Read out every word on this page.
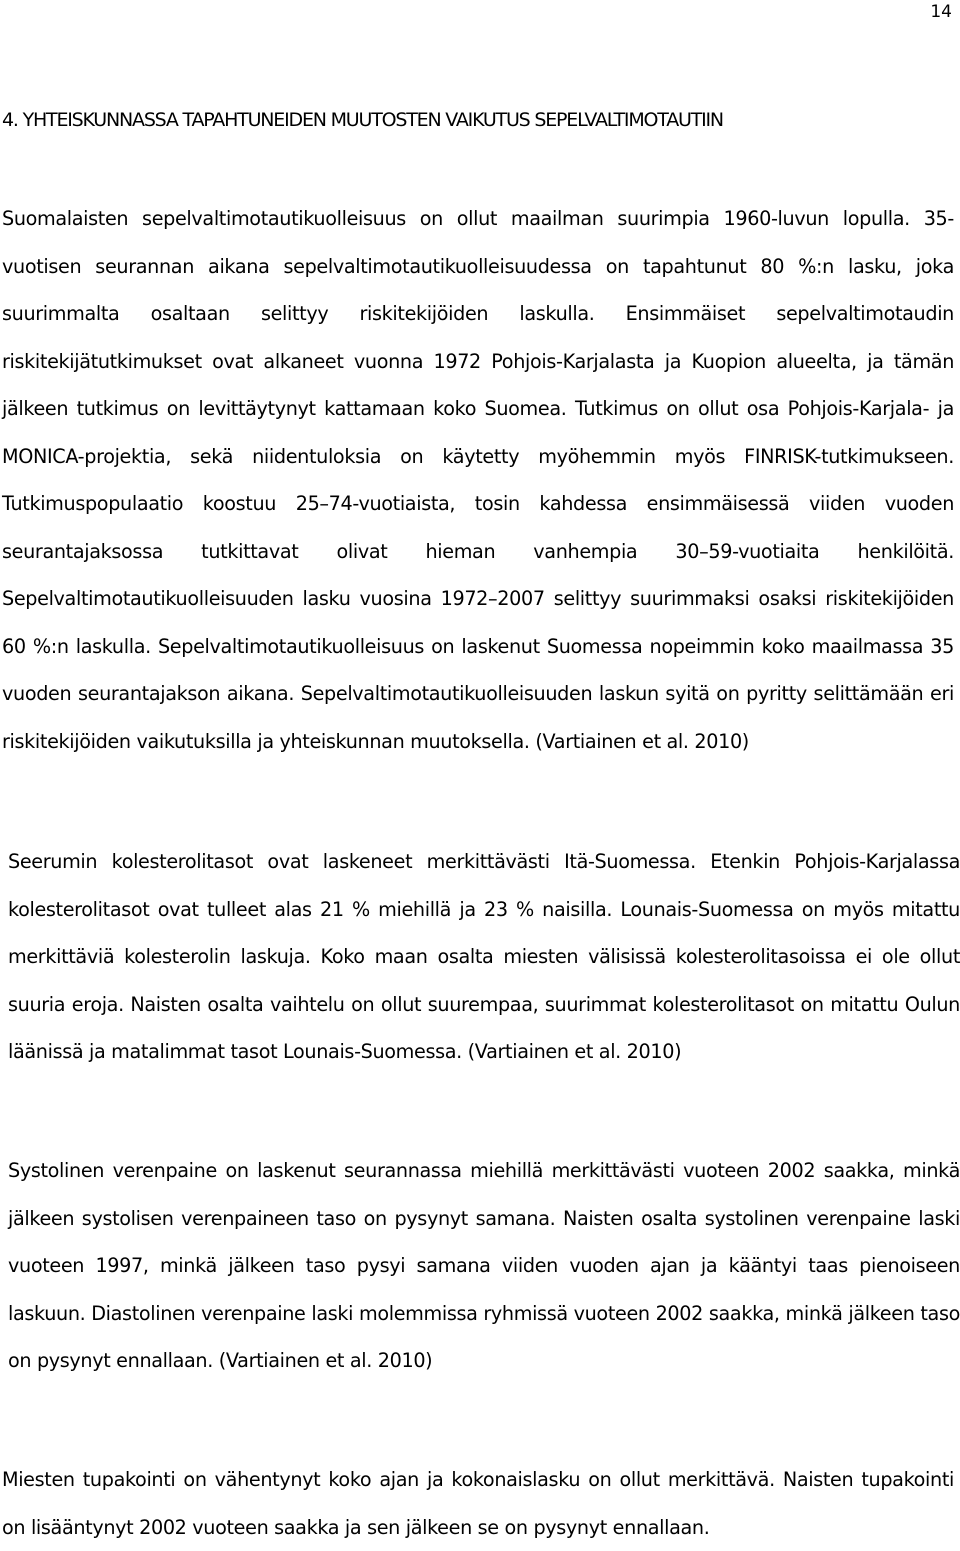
14
4. YHTEISKUNNASSA TAPAHTUNEIDEN MUUTOSTEN VAIKUTUS SEPELVALTIMOTAUTIIN

Suomalaisten sepelvaltimotautikuolleisuus on ollut maailman suurimpia 1960-luvun lopulla. 35-vuotisen seurannan aikana sepelvaltimotautikuolleisuudessa on tapahtunut 80 %:n lasku, joka suurimmalta osaltaan selittyy riskitekijöiden laskulla. Ensimmäiset sepelvaltimotaudin riskitekijätutkimukset ovat alkaneet vuonna 1972 Pohjois-Karjalasta ja Kuopion alueelta, ja tämän jälkeen tutkimus on levittäytynyt kattamaan koko Suomea. Tutkimus on ollut osa Pohjois-Karjala- ja MONICA-projektia, sekä niidentuloksia on käytetty myöhemmin myös FINRISK-tutkimukseen. Tutkimuspopulaatio koostuu 25–74-vuotiaista, tosin kahdessa ensimmäisessä viiden vuoden seurantajaksossa tutkittavat olivat hieman vanhempia 30–59-vuotiaita henkilöitä. Sepelvaltimotautikuolleisuuden lasku vuosina 1972–2007 selittyy suurimmaksi osaksi riskitekijöiden 60 %:n laskulla. Sepelvaltimotautikuolleisuus on laskenut Suomessa nopeimmin koko maailmassa 35 vuoden seurantajakson aikana. Sepelvaltimotautikuolleisuuden laskun syitä on pyritty selittämään eri riskitekijöiden vaikutuksilla ja yhteiskunnan muutoksella. (Vartiainen et al. 2010)

Seerumin kolesterolitasot ovat laskeneet merkittävästi Itä-Suomessa. Etenkin Pohjois-Karjalassa kolesterolitasot ovat tulleet alas 21 % miehillä ja 23 % naisilla. Lounais-Suomessa on myös mitattu merkittäviä kolesterolin laskuja. Koko maan osalta miesten välisissä kolesterolitasoissa ei ole ollut suuria eroja. Naisten osalta vaihtelu on ollut suurempaa, suurimmat kolesterolitasot on mitattu Oulun läänissä ja matalimmat tasot Lounais-Suomessa. (Vartiainen et al. 2010)

Systolinen verenpaine on laskenut seurannassa miehillä merkittävästi vuoteen 2002 saakka, minkä jälkeen systolisen verenpaineen taso on pysynyt samana. Naisten osalta systolinen verenpaine laski vuoteen 1997, minkä jälkeen taso pysyi samana viiden vuoden ajan ja kääntyi taas pienoiseen laskuun. Diastolinen verenpaine laski molemmissa ryhmissä vuoteen 2002 saakka, minkä jälkeen taso on pysynyt ennallaan. (Vartiainen et al. 2010)

Miesten tupakointi on vähentynyt koko ajan ja kokonaislasku on ollut merkittävä. Naisten tupakointi on lisääntynyt 2002 vuoteen saakka ja sen jälkeen se on pysynyt ennallaan.
